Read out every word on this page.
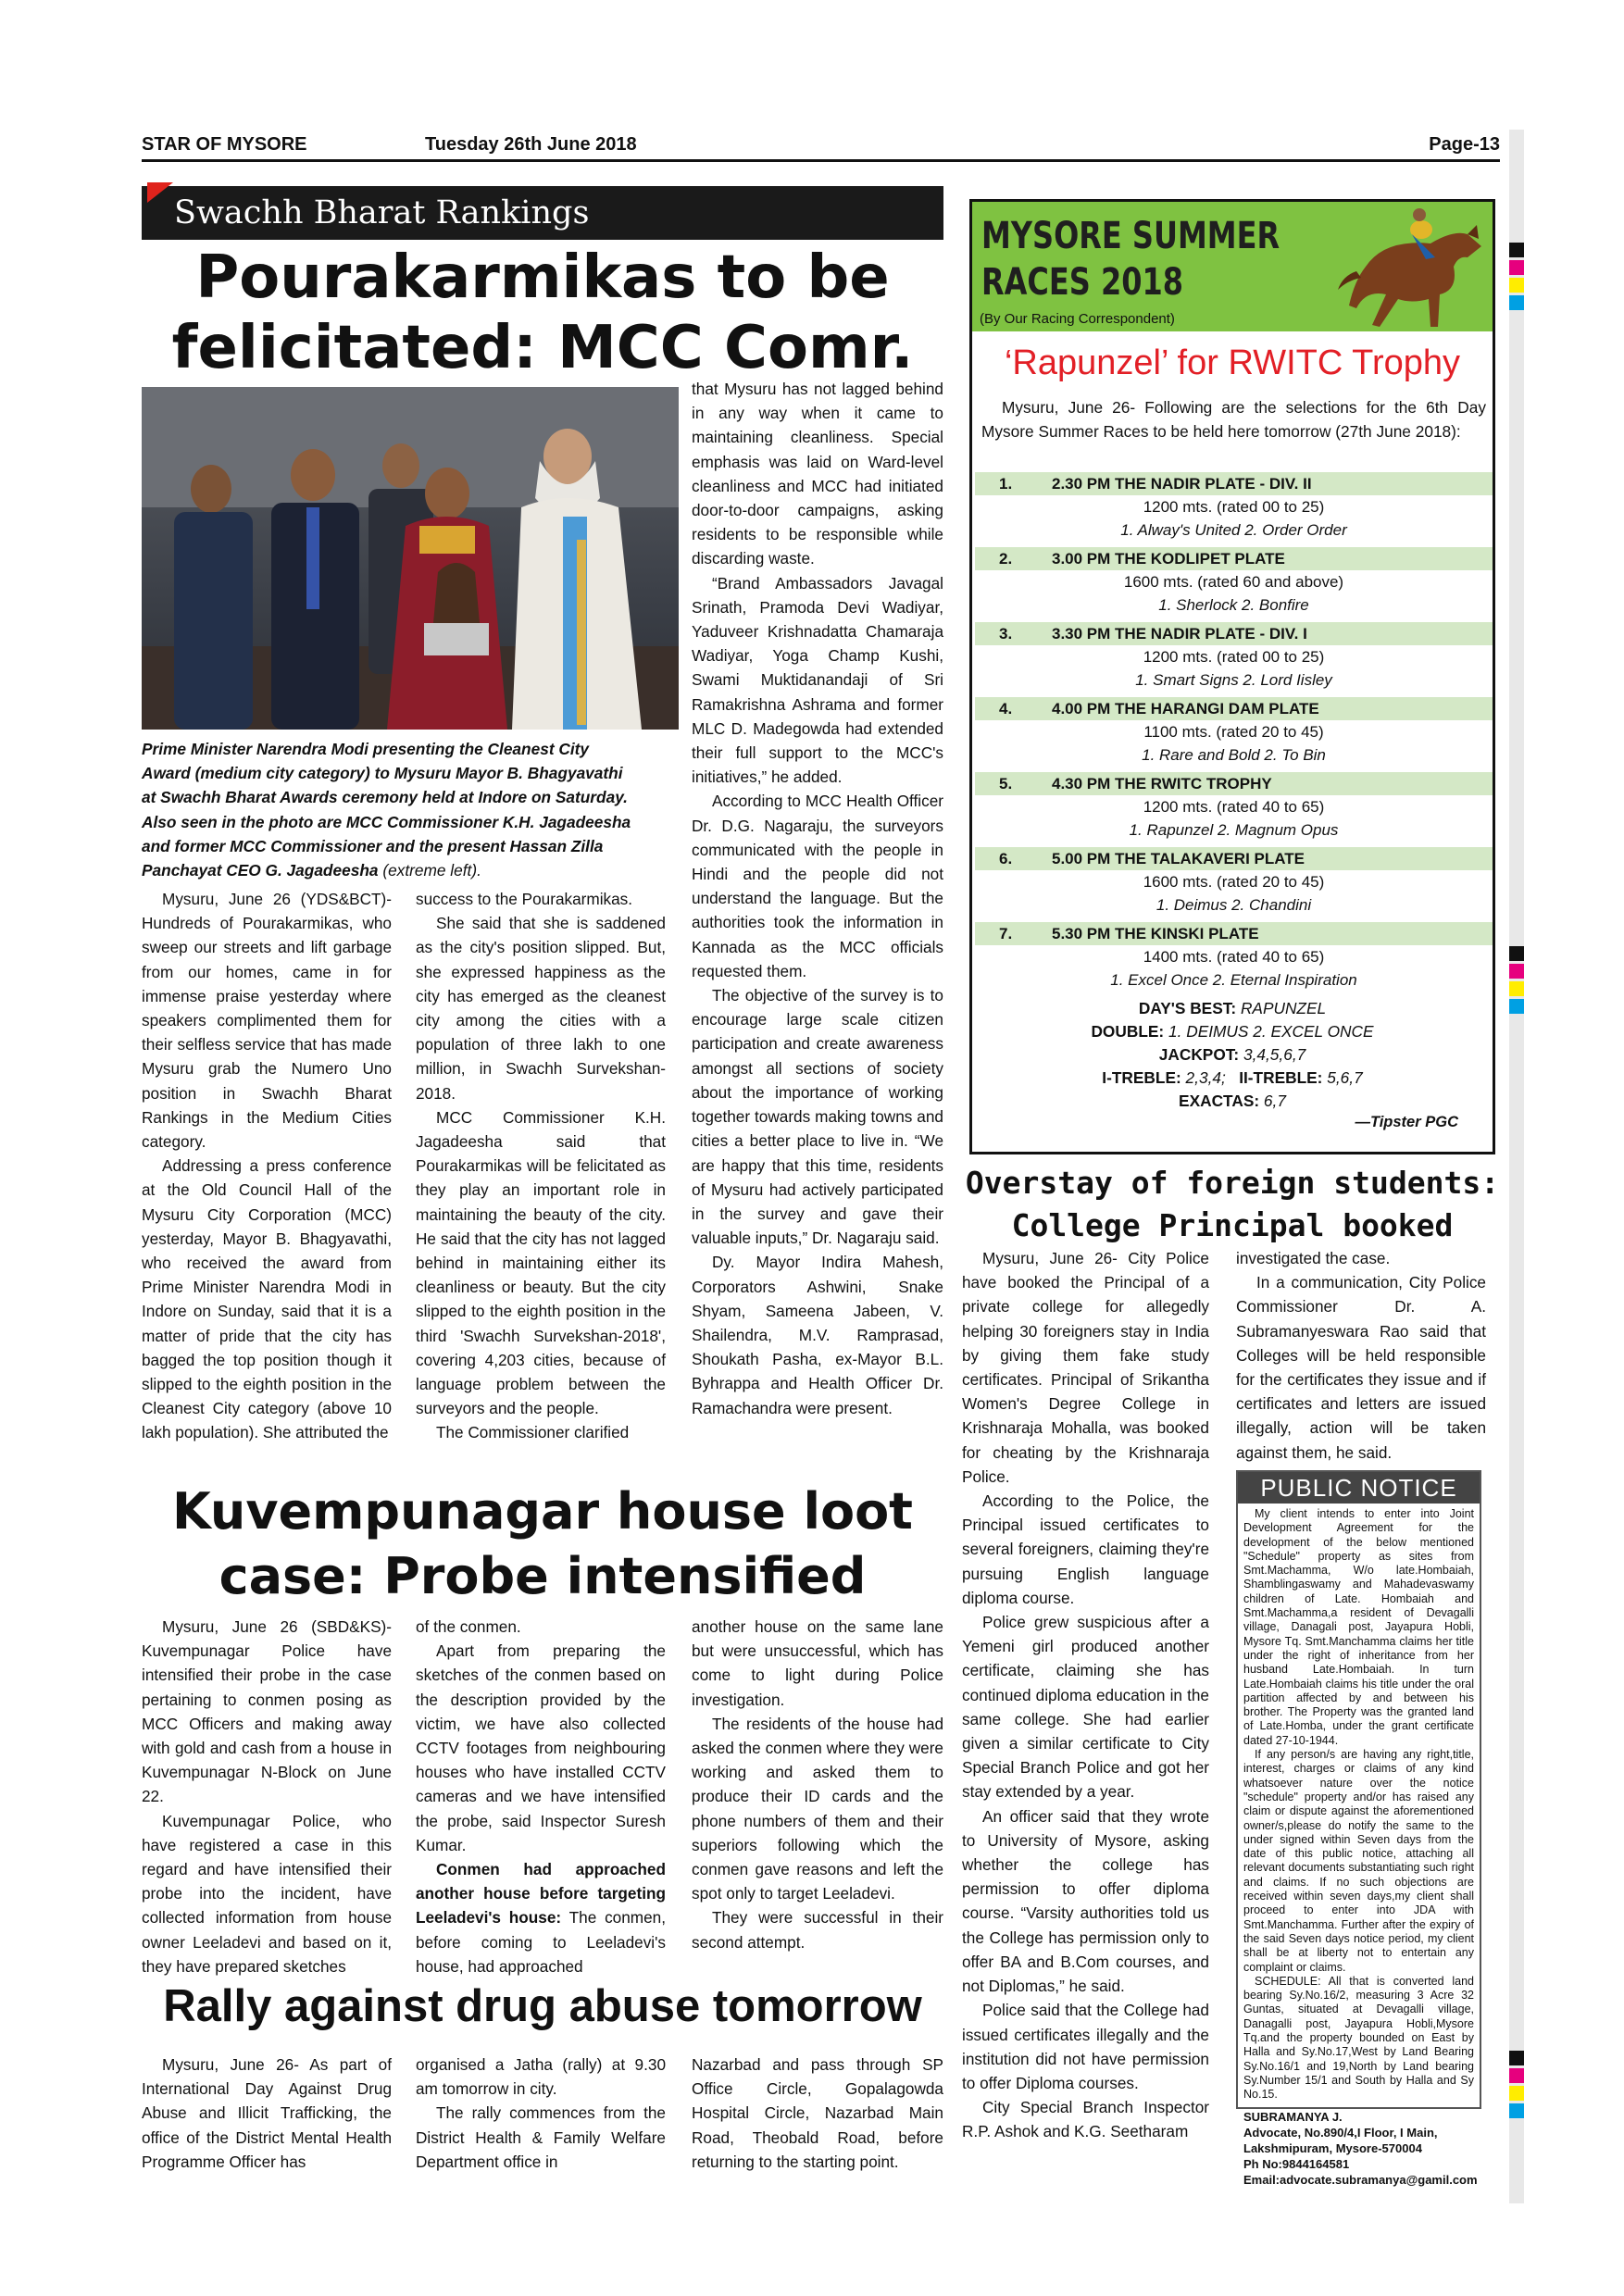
STAR OF MYSORE	Tuesday 26th June 2018	Page-13
Swachh Bharat Rankings
Pourakarmikas to be
felicitated: MCC Comr.
Prime Minister Narendra Modi presenting the Cleanest City
Award (medium city category) to Mysuru Mayor B. Bhagyavathi
at Swachh Bharat Awards ceremony held at Indore on Saturday.
Also seen in the photo are MCC Commissioner K.H. Jagadeesha
and former MCC Commissioner and the present Hassan Zilla
Panchayat CEO G. Jagadeesha (extreme left).

Mysuru, June 26 (YDS&BCT)- Hundreds of Pourakarmikas, who sweep our streets and lift garbage from our homes, came in for immense praise yesterday where speakers complimented them for their selfless service that has made Mysuru grab the Numero Uno position in Swachh Bharat Rankings in the Medium Cities category.

Addressing a press conference at the Old Council Hall of the Mysuru City Corporation (MCC) yesterday, Mayor B. Bhagyavathi, who received the award from Prime Minister Narendra Modi in Indore on Sunday, said that it is a matter of pride that the city has bagged the top position though it slipped to the eighth position in the Cleanest City category (above 10 lakh population). She attributed the

success to the Pourakarmikas.

She said that she is saddened as the city's position slipped. But, she expressed happiness as the city has emerged as the cleanest city among the cities with a population of three lakh to one million, in Swachh Survekshan-2018.

MCC Commissioner K.H. Jagadeesha said that Pourakarmikas will be felicitated as they play an important role in maintaining the beauty of the city. He said that the city has not lagged behind in maintaining either its cleanliness or beauty. But the city slipped to the eighth position in the third 'Swachh Survekshan-2018', covering 4,203 cities, because of language problem between the surveyors and the people.

The Commissioner clarified

that Mysuru has not lagged behind in any way when it came to maintaining cleanliness. Special emphasis was laid on Ward-level cleanliness and MCC had initiated door-to-door campaigns, asking residents to be responsible while discarding waste.

“Brand Ambassadors Javagal Srinath, Pramoda Devi Wadiyar, Yaduveer Krishnadatta Chamaraja Wadiyar, Yoga Champ Kushi, Swami Muktidanandaji of Sri Ramakrishna Ashrama and former MLC D. Madegowda had extended their full support to the MCC's initiatives,” he added.

According to MCC Health Officer Dr. D.G. Nagaraju, the surveyors communicated with the people in Hindi and the people did not understand the language. But the authorities took the information in Kannada as the MCC officials requested them.

The objective of the survey is to encourage large scale citizen participation and create awareness amongst all sections of society about the importance of working together towards making towns and cities a better place to live in. “We are happy that this time, residents of Mysuru had actively participated in the survey and gave their valuable inputs,” Dr. Nagaraju said.

Dy. Mayor Indira Mahesh, Corporators Ashwini, Snake Shyam, Sameena Jabeen, V. Shailendra, M.V. Ramprasad, Shoukath Pasha, ex-Mayor B.L. Byhrappa and Health Officer Dr. Ramachandra were present.

MYSORE SUMMER
RACES 2018
(By Our Racing Correspondent)
‘Rapunzel’ for RWITC Trophy
Mysuru, June 26- Following are the selections for the 6th Day Mysore Summer Races to be held here tomorrow (27th June 2018):
1.	2.30 PM THE NADIR PLATE - DIV. II
1200 mts. (rated 00 to 25)
1. Alway's United 2. Order Order
2.	3.00 PM THE KODLIPET PLATE
1600 mts. (rated 60 and above)
1. Sherlock 2. Bonfire
3.	3.30 PM THE NADIR PLATE - DIV. I
1200 mts. (rated 00 to 25)
1. Smart Signs 2. Lord Iisley
4.	4.00 PM THE HARANGI DAM PLATE
1100 mts. (rated 20 to 45)
1. Rare and Bold 2. To Bin
5.	4.30 PM THE RWITC TROPHY
1200 mts. (rated 40 to 65)
1. Rapunzel 2. Magnum Opus
6.	5.00 PM THE TALAKAVERI PLATE
1600 mts. (rated 20 to 45)
1. Deimus 2. Chandini
7.	5.30 PM THE KINSKI PLATE
1400 mts. (rated 40 to 65)
1. Excel Once 2. Eternal Inspiration
DAY'S BEST: RAPUNZEL
DOUBLE: 1. DEIMUS 2. EXCEL ONCE
JACKPOT: 3,4,5,6,7
I-TREBLE: 2,3,4; II-TREBLE: 5,6,7
EXACTAS: 6,7
—Tipster PGC
Overstay of foreign students:
College Principal booked

Mysuru, June 26- City Police have booked the Principal of a private college for allegedly helping 30 foreigners stay in India by giving them fake study certificates. Principal of Srikantha Women's Degree College in Krishnaraja Mohalla, was booked for cheating by the Krishnaraja Police.

According to the Police, the Principal issued certificates to several foreigners, claiming they're pursuing English language diploma course.

Police grew suspicious after a Yemeni girl produced another certificate, claiming she has continued diploma education in the same college. She had earlier given a similar certificate to City Special Branch Police and got her stay extended by a year.

An officer said that they wrote to University of Mysore, asking whether the college has permission to offer diploma course. “Varsity authorities told us the College has permission only to offer BA and B.Com courses, and not Diplomas,” he said.

Police said that the College had issued certificates illegally and the institution did not have permission to offer Diploma courses.

City Special Branch Inspector R.P. Ashok and K.G. Seetharam

investigated the case.

In a communication, City Police Commissioner Dr. A. Subramanyeswara Rao said that Colleges will be held responsible for the certificates they issue and if certificates and letters are issued illegally, action will be taken against them, he said.

PUBLIC NOTICE
My client intends to enter into Joint Development Agreement for the development of the below mentioned "Schedule" property as sites from Smt.Machamma, W/o late.Hombaiah, Shamblingaswamy and Mahadevaswamy children of Late. Hombaiah and Smt.Machamma,a resident of Devagalli village, Danagali post, Jayapura Hobli, Mysore Tq. Smt.Manchamma claims her title under the right of inheritance from her husband Late.Hombaiah. In turn Late.Hombaiah claims his title under the oral partition affected by and between his brother. The Property was the granted land of Late.Homba, under the grant certificate dated 27-10-1944.
If any person/s are having any right,title, interest, charges or claims of any kind whatsoever nature over the notice "schedule" property and/or has raised any claim or dispute against the aforementioned owner/s,please do notify the same to the under signed within Seven days from the date of this public notice, attaching all relevant documents substantiating such right and claims. If no such objections are received within seven days,my client shall proceed to enter into JDA with Smt.Manchamma. Further after the expiry of the said Seven days notice period, my client shall be at liberty not to entertain any complaint or claims.
SCHEDULE: All that is converted land bearing Sy.No.16/2, measuring 3 Acre 32 Guntas, situated at Devagalli village, Danagalli post, Jayapura Hobli,Mysore Tq.and the property bounded on East by Halla and Sy.No.17,West by Land Bearing Sy.No.16/1 and 19,North by Land bearing Sy.Number 15/1 and South by Halla and Sy No.15.
SUBRAMANYA J.
Advocate, No.890/4,I Floor, I Main,
Lakshmipuram, Mysore-570004
Ph No:9844164581
Email:advocate.subramanya@gamil.com
Kuvempunagar house loot
case: Probe intensified

Mysuru, June 26 (SBD&KS)- Kuvempunagar Police have intensified their probe in the case pertaining to conmen posing as MCC Officers and making away with gold and cash from a house in Kuvempunagar N-Block on June 22.

Kuvempunagar Police, who have registered a case in this regard and have intensified their probe into the incident, have collected information from house owner Leeladevi and based on it, they have prepared sketches

of the conmen.

Apart from preparing the sketches of the conmen based on the description provided by the victim, we have also collected CCTV footages from neighbouring houses who have installed CCTV cameras and we have intensified the probe, said Inspector Suresh Kumar.

Conmen had approached another house before targeting Leeladevi's house: The conmen, before coming to Leeladevi's house, had approached

another house on the same lane but were unsuccessful, which has come to light during Police investigation.

The residents of the house had asked the conmen where they were working and asked them to produce their ID cards and the phone numbers of them and their superiors following which the conmen gave reasons and left the spot only to target Leeladevi.

They were successful in their second attempt.

Rally against drug abuse tomorrow

Mysuru, June 26- As part of International Day Against Drug Abuse and Illicit Trafficking, the office of the District Mental Health Programme Officer has

organised a Jatha (rally) at 9.30 am tomorrow in city.

The rally commences from the District Health & Family Welfare Department office in

Nazarbad and pass through SP Office Circle, Gopalagowda Hospital Circle, Nazarbad Main Road, Theobald Road, before returning to the starting point.
